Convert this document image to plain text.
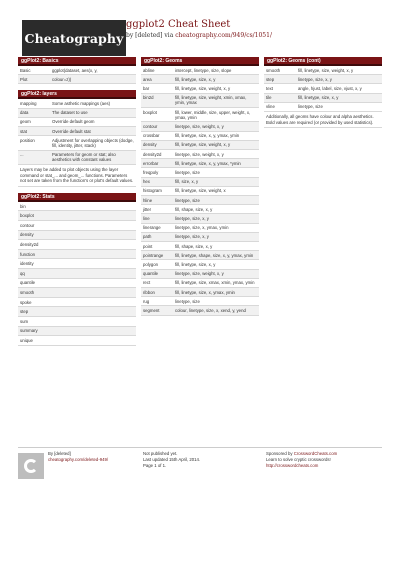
Cheatography
ggplot2 Cheat Sheet
by [deleted] via cheatography.com/949/cs/1051/
ggPlot2: Basics
Basic	ggplot(dataset, aes(x, y,
Plot	colour=z))
ggPlot2: layers
mapping	Some asthetic mappings (aes)
data	The dataset to use
geom	Override default geom
stat	Override default stat
position	Adjustment for overlapping objects (dodge, fill, identity, jitter, stack)
...	Parameters for geom or stat; also aesthetics with constant values
Layers may be added to plot objects using the layer command or stat_... and geom_... functions. Parameters not set are taken from the function's or plot's default values.
ggPlot2: Stats
bin
boxplot
contour
density
density2d
function
identity
qq
quantile
smooth
spoke
step
sum
summary
unique
ggPlot2: Geoms
abline	intercept, linetype, size, slope
area	fill, linetype, size, x, y
bar	fill, linetype, size, weight, x, y
bin2d	fill, linetype, size, weight, xmin, xmax, ymin, ymax
boxplot	fill, lower, middle, size, upper, weight, x, ymax, ymin
contour	linetype, size, weight, x, y
crossbar	fill, linetype, size, x, y, ymax, ymin
density	fill, linetype, size, weight, x, y
density2d	linetype, size, weight, x, y
errorbar	fill, linetype, size, x, y, ymax, *ymin
freqpoly	linetype, size
hex	fill, size, x, y
histogram	fill, linetype, size, weight, x
hline	linetype, size
jitter	fill, shape, size, x, y
line	linetype, size, x, y
linerange	linetype, size, x, ymax, ymin
path	linetype, size, x, y
point	fill, shape, size, x, y
pointrange	fill, linetype, shape, size, x, y, ymax, ymin
polygon	fill, linetype, size, x, y
quantile	linetype, size, weight, x, y
rect	fill, linetype, size, xmax, xmin, ymax, ymin
ribbon	fill, linetype, size, x, ymax, ymin
rug	linetype, size
segment	colour, linetype, size, x, xend, y, yend
ggPlot2: Geoms (cont)
smooth	fill, linetype, size, weight, x, y
step	linetype, size, x, y
text	angle, hjust, label, size, vjust, x, y
tile	fill, linetype, size, x, y
vline	linetype, size
Additionally, all geoms have colour and alpha aesthetics. Bold values are required (or provided by used statistics).
By [deleted]
cheatography.com/deleted-949/
Not published yet.
Last updated 15th April, 2014.
Page 1 of 1.
Sponsored by CrosswordCheats.com
Learn to solve cryptic crosswords!
http://crosswordcheats.com
